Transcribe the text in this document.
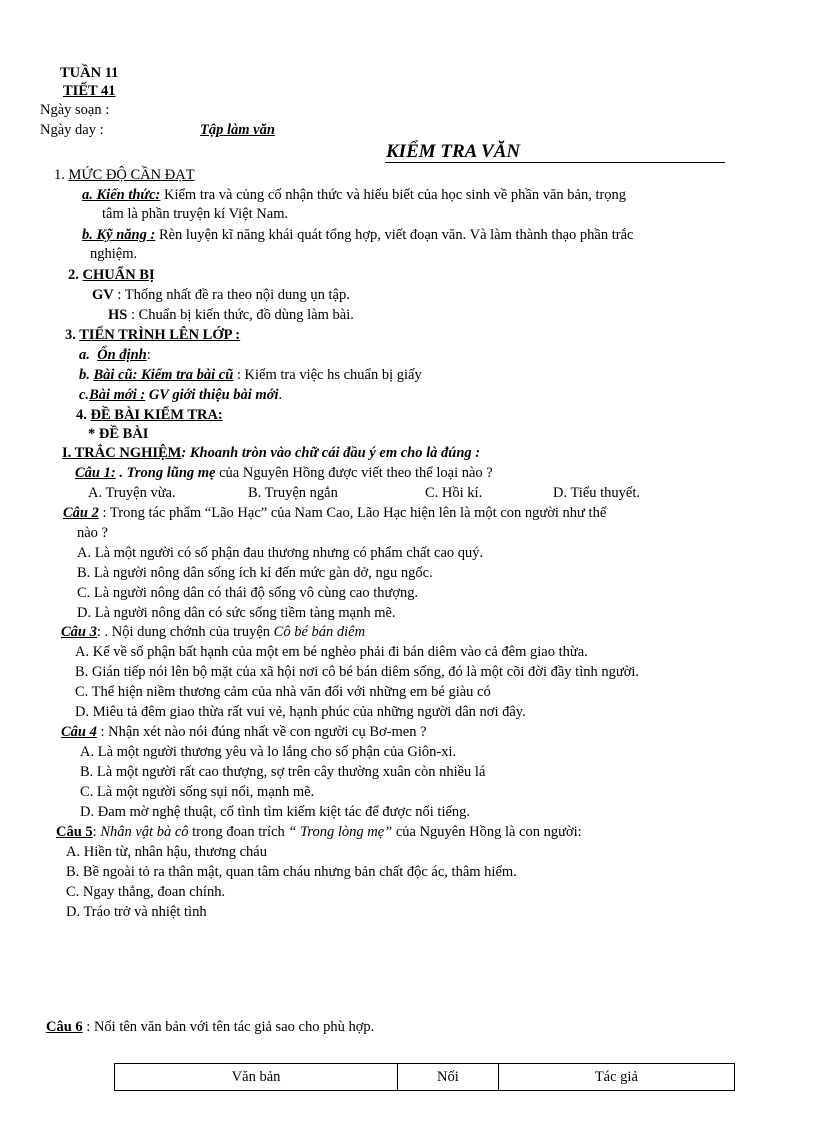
TUẦN 11
TIẾT 41
Ngày soạn :
Ngày day :	Tập làm văn
KIỂM TRA VĂN
1. MỨC ĐỘ CẦN ĐẠT
a. Kiến thức: Kiểm tra và củng cố nhận thức và hiểu biết của học sinh về phần văn bản, trọng
tâm là phần truyện kí Việt Nam.
b. Kỹ năng : Rèn luyện kĩ năng khái quát tổng hợp, viết đoạn văn. Và làm thành thạo phần trắc
nghiệm.
2. CHUẨN BỊ
GV : Thống nhất đề ra theo nội dung ụn tập.
HS : Chuẩn bị kiến thức, đồ dùng làm bài.
3. TIẾN TRÌNH LÊN LỚP :
a. Ổn định:
b. Bài cũ: Kiểm tra bài cũ : Kiểm tra việc hs chuẩn bị giấy
c.Bài mới : GV giới thiệu bài mới.
4. ĐỀ BÀI KIỂM TRA:
* ĐỀ BÀI
I. TRẮC NGHIỆM: Khoanh tròn vào chữ cái đầu ý em cho là đúng :
Câu 1: . Trong lũng mẹ của Nguyên Hồng được viết theo thể loại nào ?
A. Truyện vừa.	B. Truyện ngắn	C. Hồi kí.	D. Tiểu thuyết.
Câu 2 : Trong tác phẩm “Lão Hạc” của Nam Cao, Lão Hạc hiện lên là một con người như thế
nào ?
A. Là một người có số phận đau thương nhưng có phẩm chất cao quý.
B. Là người nông dân sống ích kỉ đến mức gàn dở, ngu ngốc.
C. Là người nông dân có thái độ sống vô cùng cao thượng.
D. Là người nông dân có sức sống tiềm tàng mạnh mẽ.
Câu 3: . Nội dung chớnh của truyện Cô bé bán diêm
A. Kể về số phận bất hạnh của một em bé nghèo phải đi bán diêm vào cả đêm giao thừa.
B. Gián tiếp nói lên bộ mặt của xã hội nơi cô bé bán diêm sống, đó là một cõi đời đầy tình người.
C. Thể hiện niềm thương cảm của nhà văn đối với những em bé giàu có
D. Miêu tả đêm giao thừa rất vui vẻ, hạnh phúc của những người dân nơi đây.
Câu 4 : Nhận xét nào nói đúng nhất về con người cụ Bơ-men ?
A. Là một người thương yêu và lo lắng cho số phận của Giôn-xi.
B. Là một người rất cao thượng, sợ trên cây thường xuân còn nhiều lá
C. Là một người sống sụi nổi, mạnh mẽ.
D. Đam mờ nghệ thuật, cố tình tìm kiếm kiệt tác để được nổi tiếng.
Câu 5: Nhân vật bà cô trong đoan trích “ Trong lòng mẹ” của Nguyên Hồng là con người:
A. Hiền từ, nhân hậu, thương cháu
B. Bề ngoài tỏ ra thân mật, quan tâm cháu nhưng bản chất độc ác, thâm hiểm.
C. Ngay thẳng, đoan chính.
D. Tráo trở và nhiệt tình
Câu 6 : Nối tên văn bản với tên tác giả sao cho phù hợp.
Văn bản	Nối	Tác giả
